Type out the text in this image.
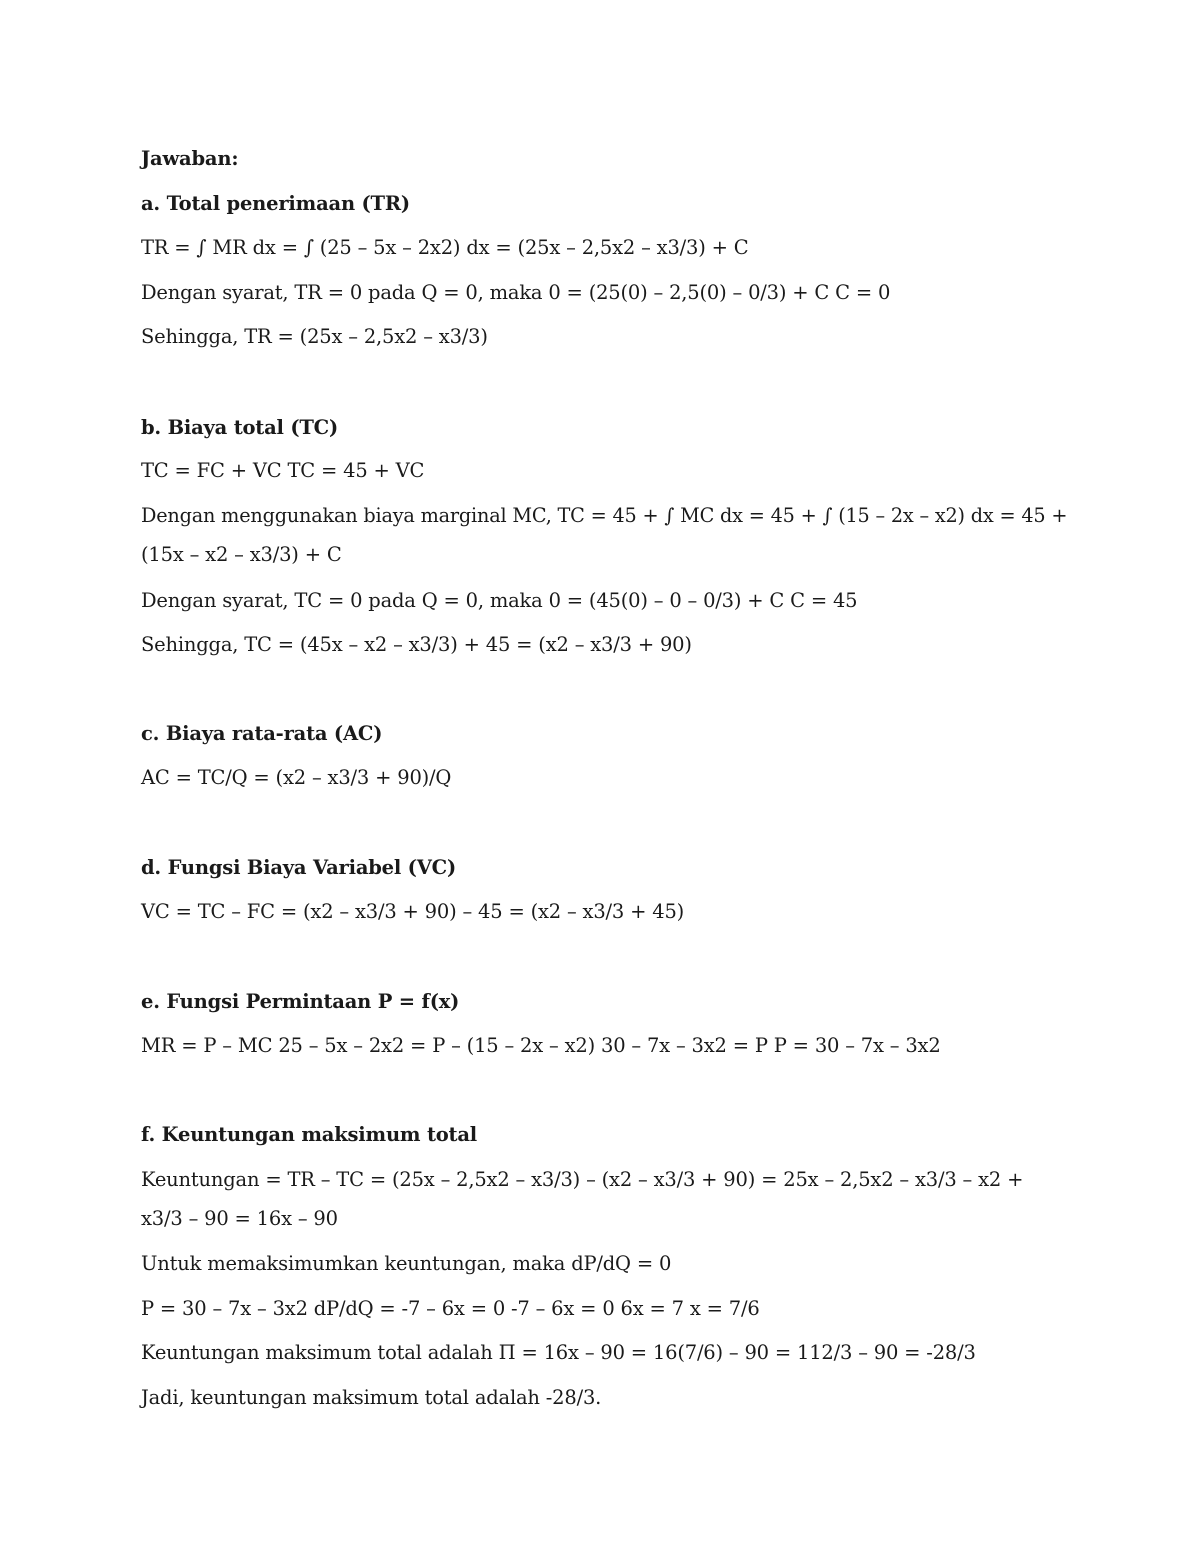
Jawaban:
a. Total penerimaan (TR)
TR = ∫ MR dx = ∫ (25 – 5x – 2x2) dx = (25x – 2,5x2 – x3/3) + C
Dengan syarat, TR = 0 pada Q = 0, maka 0 = (25(0) – 2,5(0) – 0/3) + C C = 0
Sehingga, TR = (25x – 2,5x2 – x3/3)
b. Biaya total (TC)
TC = FC + VC TC = 45 + VC
Dengan menggunakan biaya marginal MC, TC = 45 + ∫ MC dx = 45 + ∫ (15 – 2x – x2) dx = 45 +
(15x – x2 – x3/3) + C
Dengan syarat, TC = 0 pada Q = 0, maka 0 = (45(0) – 0 – 0/3) + C C = 45
Sehingga, TC = (45x – x2 – x3/3) + 45 = (x2 – x3/3 + 90)
c. Biaya rata-rata (AC)
AC = TC/Q = (x2 – x3/3 + 90)/Q
d. Fungsi Biaya Variabel (VC)
VC = TC – FC = (x2 – x3/3 + 90) – 45 = (x2 – x3/3 + 45)
e. Fungsi Permintaan P = f(x)
MR = P – MC 25 – 5x – 2x2 = P – (15 – 2x – x2) 30 – 7x – 3x2 = P P = 30 – 7x – 3x2
f. Keuntungan maksimum total
Keuntungan = TR – TC = (25x – 2,5x2 – x3/3) – (x2 – x3/3 + 90) = 25x – 2,5x2 – x3/3 – x2 +
x3/3 – 90 = 16x – 90
Untuk memaksimumkan keuntungan, maka dP/dQ = 0
P = 30 – 7x – 3x2 dP/dQ = -7 – 6x = 0 -7 – 6x = 0 6x = 7 x = 7/6
Keuntungan maksimum total adalah Π = 16x – 90 = 16(7/6) – 90 = 112/3 – 90 = -28/3
Jadi, keuntungan maksimum total adalah -28/3.
